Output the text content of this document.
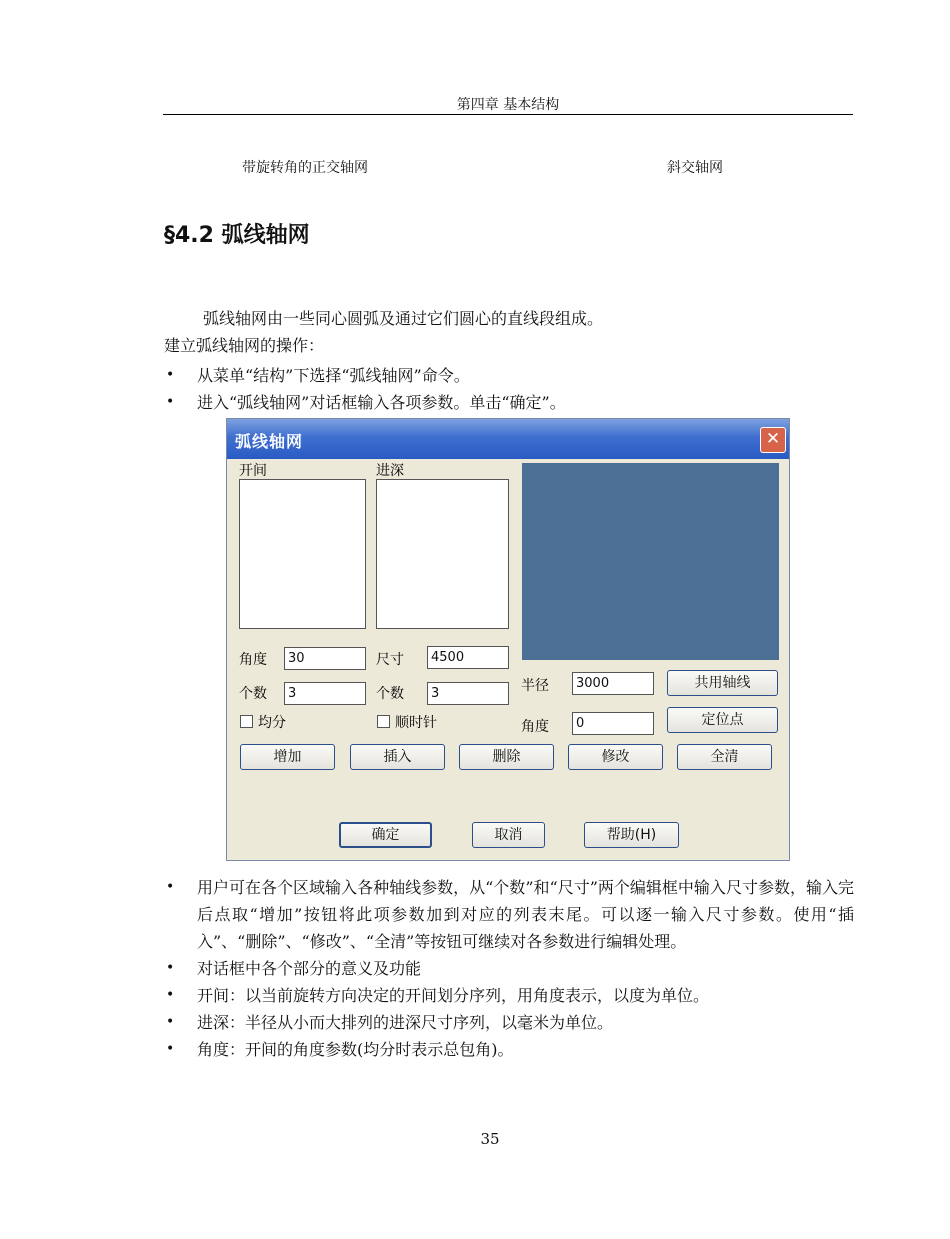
第四章 基本结构
带旋转角的正交轴网	斜交轴网
§4.2 弧线轴网
弧线轴网由一些同心圆弧及通过它们圆心的直线段组成。
建立弧线轴网的操作：
• 从菜单“结构”下选择“弧线轴网”命令。
• 进入“弧线轴网”对话框输入各项参数。单击“确定”。
弧线轴网	✕
开间	进深
角度	30	尺寸	4500
个数	3	个数	3	半径	3000	共用轴线
均分	顺时针	角度	0	定位点
增加	插入	删除	修改	全清
确定	取消	帮助(H)
• 用户可在各个区域输入各种轴线参数，从“个数”和“尺寸”两个编辑框中输入尺寸参数，输入完后点取“增加”按钮将此项参数加到对应的列表末尾。可以逐一输入尺寸参数。使用“插入”、“删除”、“修改”、“全清”等按钮可继续对各参数进行编辑处理。
• 对话框中各个部分的意义及功能
• 开间：以当前旋转方向决定的开间划分序列，用角度表示，以度为单位。
• 进深：半径从小而大排列的进深尺寸序列，以毫米为单位。
• 角度：开间的角度参数(均分时表示总包角)。
35
